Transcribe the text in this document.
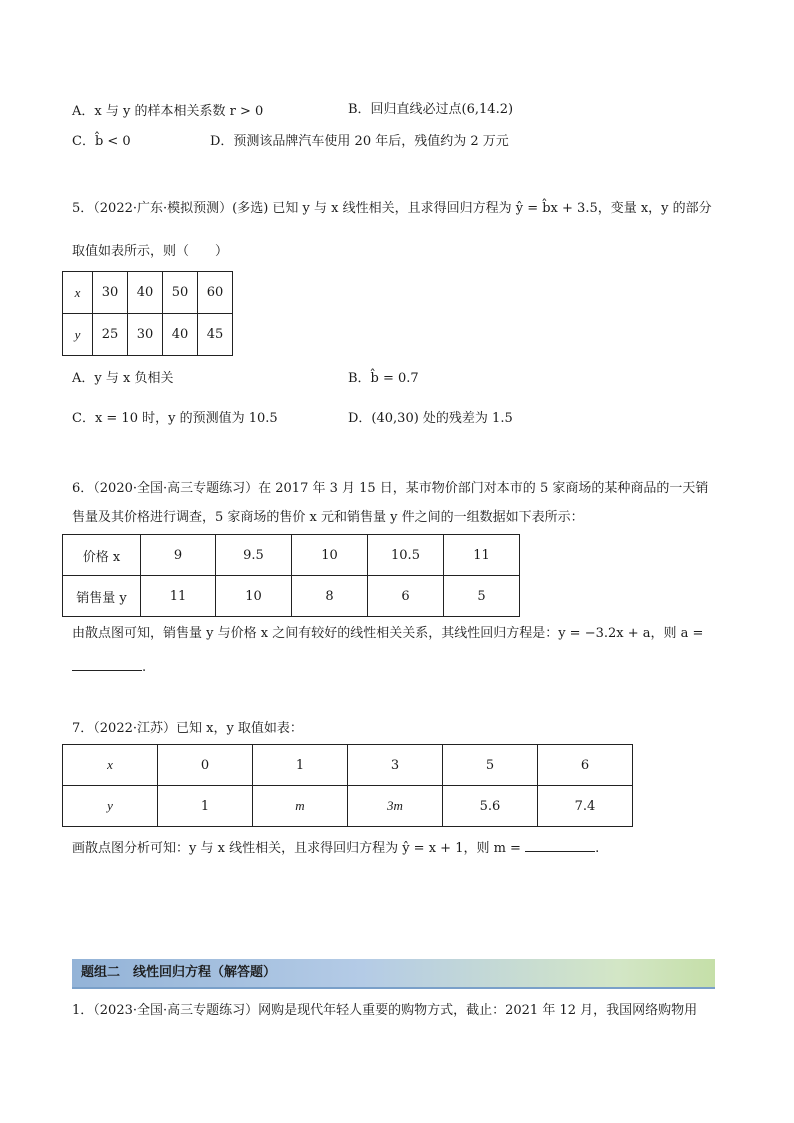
A．x 与 y 的样本相关系数 r > 0	B．回归直线必过点(6,14.2)
C．b̂ < 0	D．预测该品牌汽车使用 20 年后，残值约为 2 万元
5．（2022·广东·模拟预测）(多选) 已知 y 与 x 线性相关，且求得回归方程为 ŷ = b̂x + 3.5，变量 x，y 的部分
取值如表所示，则（　　）
x	30	40	50	60
y	25	30	40	45
A．y 与 x 负相关	B．b̂ = 0.7
C．x = 10 时，y 的预测值为 10.5	D．(40,30) 处的残差为 1.5
6．（2020·全国·高三专题练习）在 2017 年 3 月 15 日，某市物价部门对本市的 5 家商场的某种商品的一天销
售量及其价格进行调查，5 家商场的售价 x 元和销售量 y 件之间的一组数据如下表所示：
价格 x	9	9.5	10	10.5	11
销售量 y	11	10	8	6	5
由散点图可知，销售量 y 与价格 x 之间有较好的线性相关关系，其线性回归方程是：y = −3.2x + a，则 a =
.
7．（2022·江苏）已知 x，y 取值如表：
x	0	1	3	5	6
y	1	m	3m	5.6	7.4
画散点图分析可知：y 与 x 线性相关，且求得回归方程为 ŷ = x + 1，则 m =	.
题组二　线性回归方程（解答题）
1．（2023·全国·高三专题练习）网购是现代年轻人重要的购物方式，截止：2021 年 12 月，我国网络购物用
